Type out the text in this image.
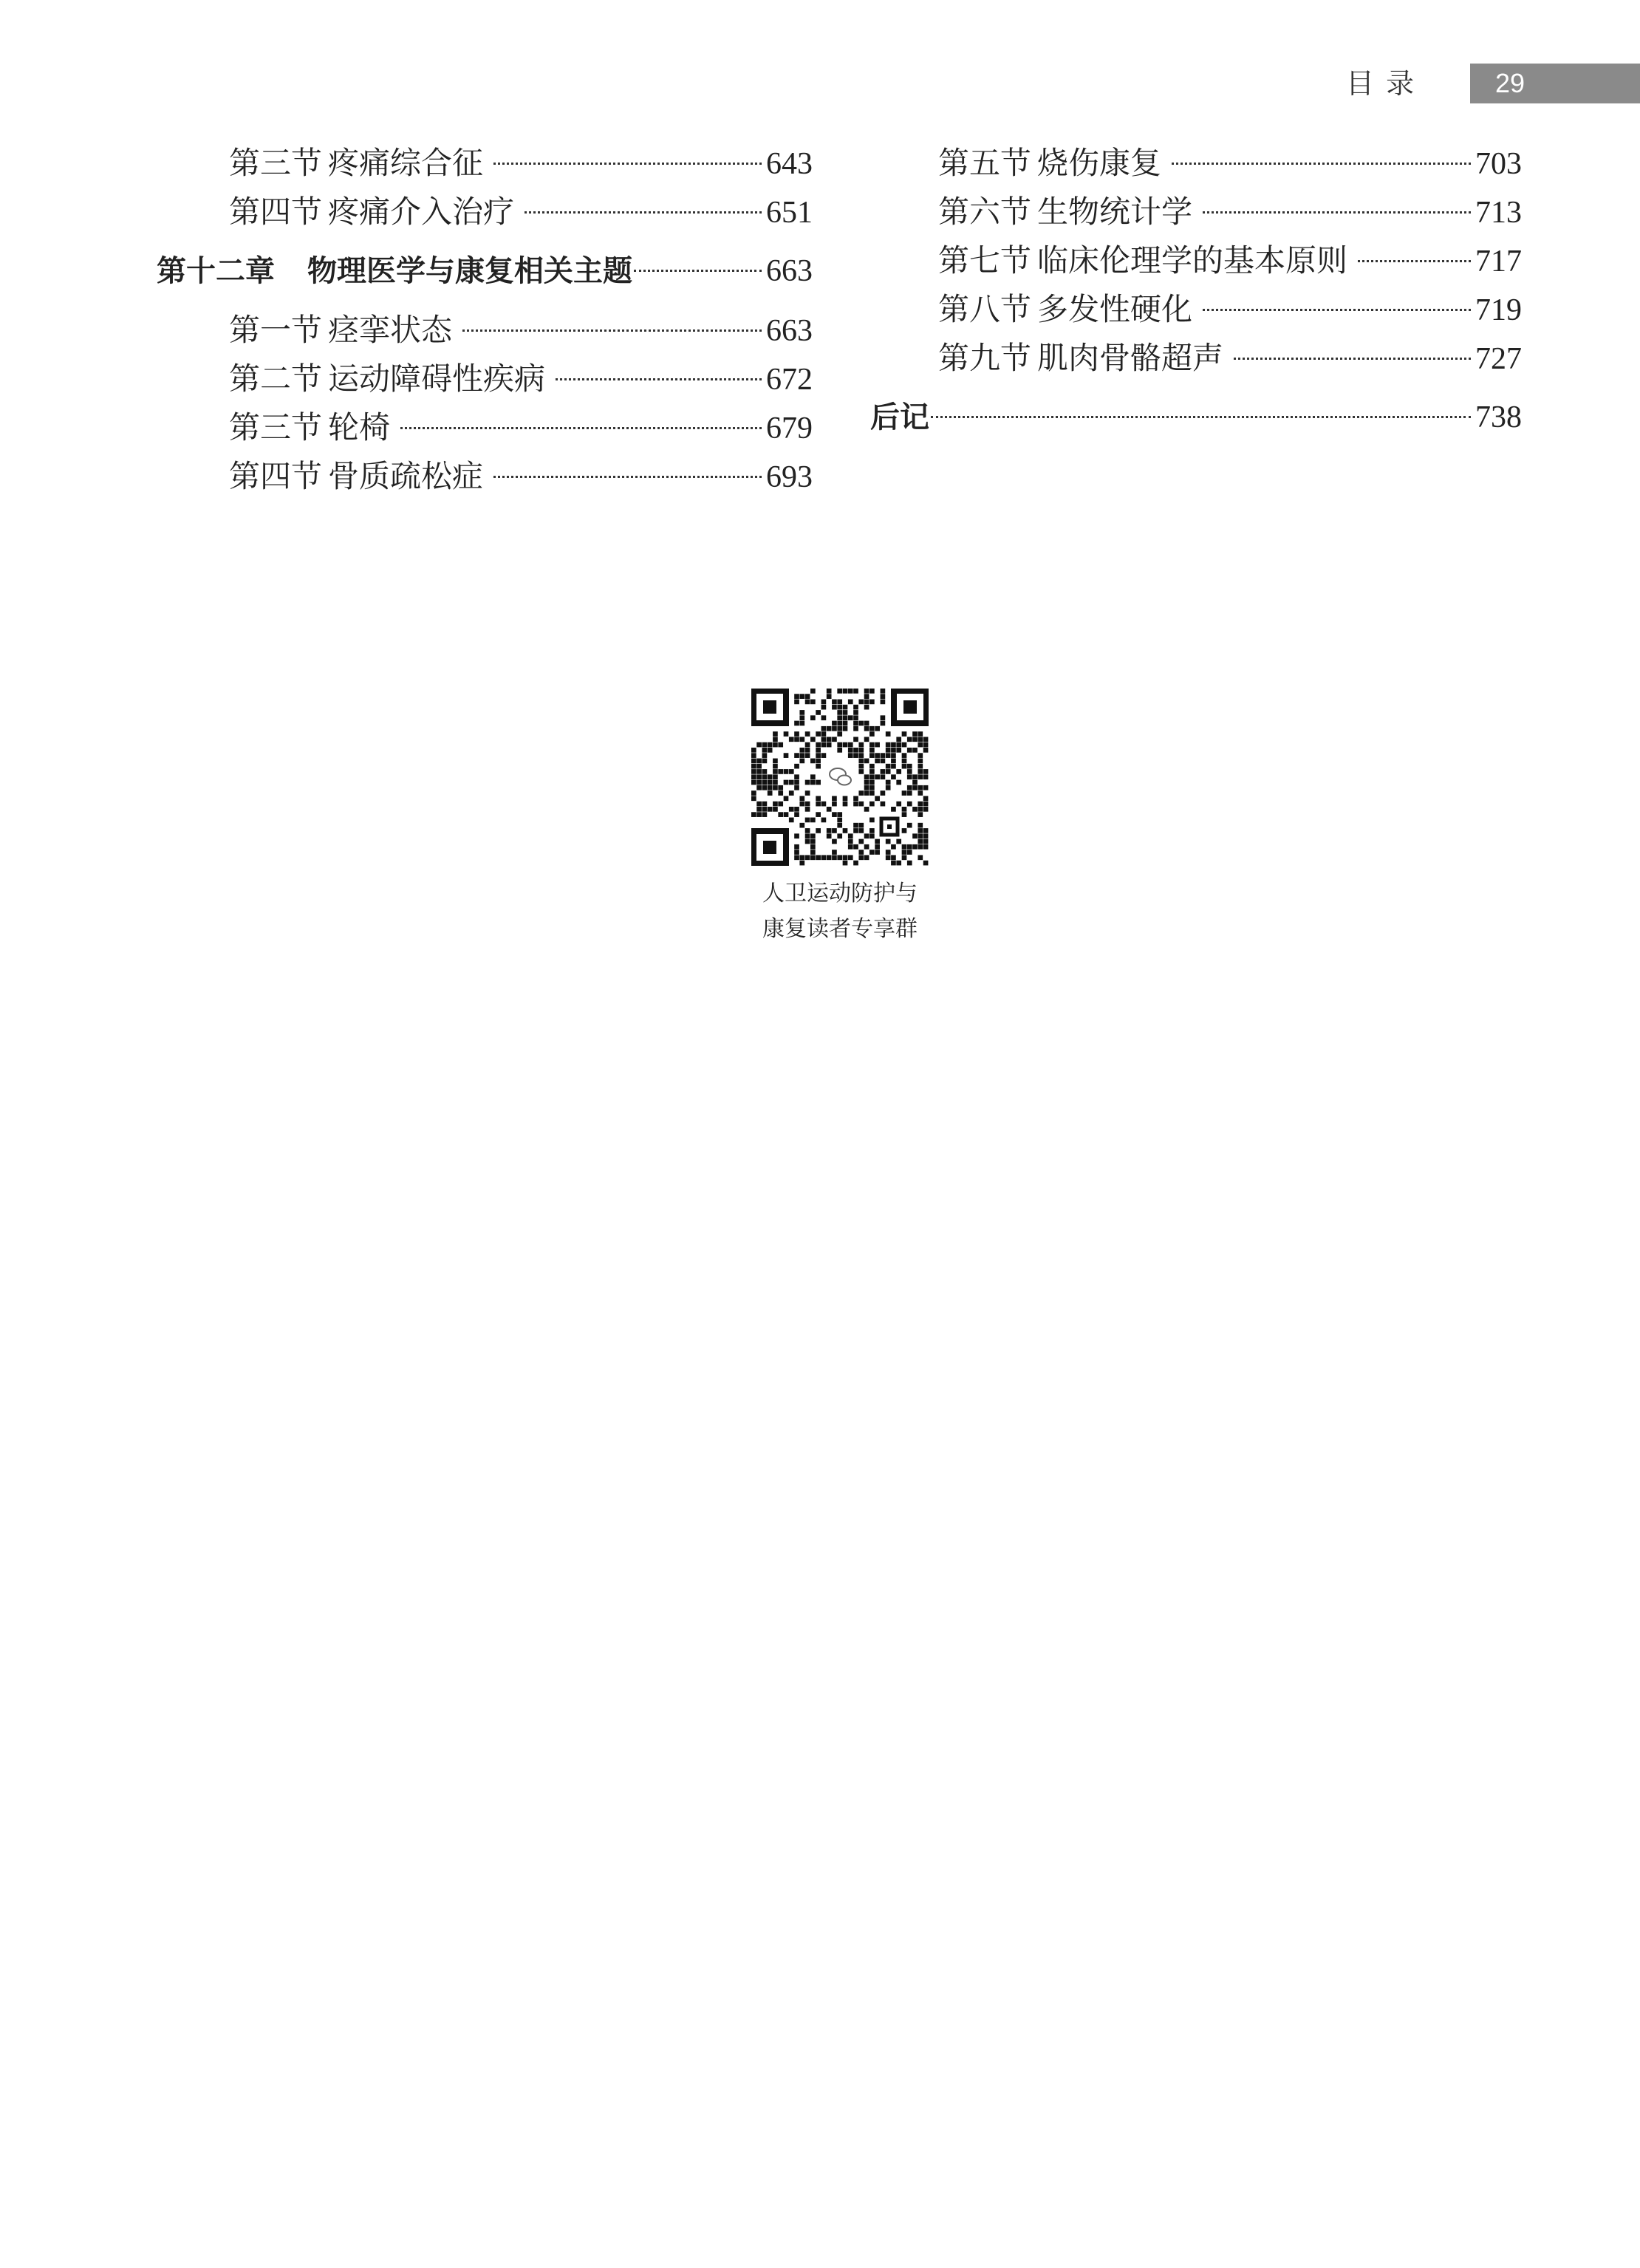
目 录	29
第三节 疼痛综合征	643
第四节 疼痛介入治疗	651
第十二章	物理医学与康复相关主题	663
第一节 痉挛状态	663
第二节 运动障碍性疾病	672
第三节 轮椅	679
第四节 骨质疏松症	693
第五节 烧伤康复	703
第六节 生物统计学	713
第七节 临床伦理学的基本原则	717
第八节 多发性硬化	719
第九节 肌肉骨骼超声	727
后记	738
人卫运动防护与
康复读者专享群
